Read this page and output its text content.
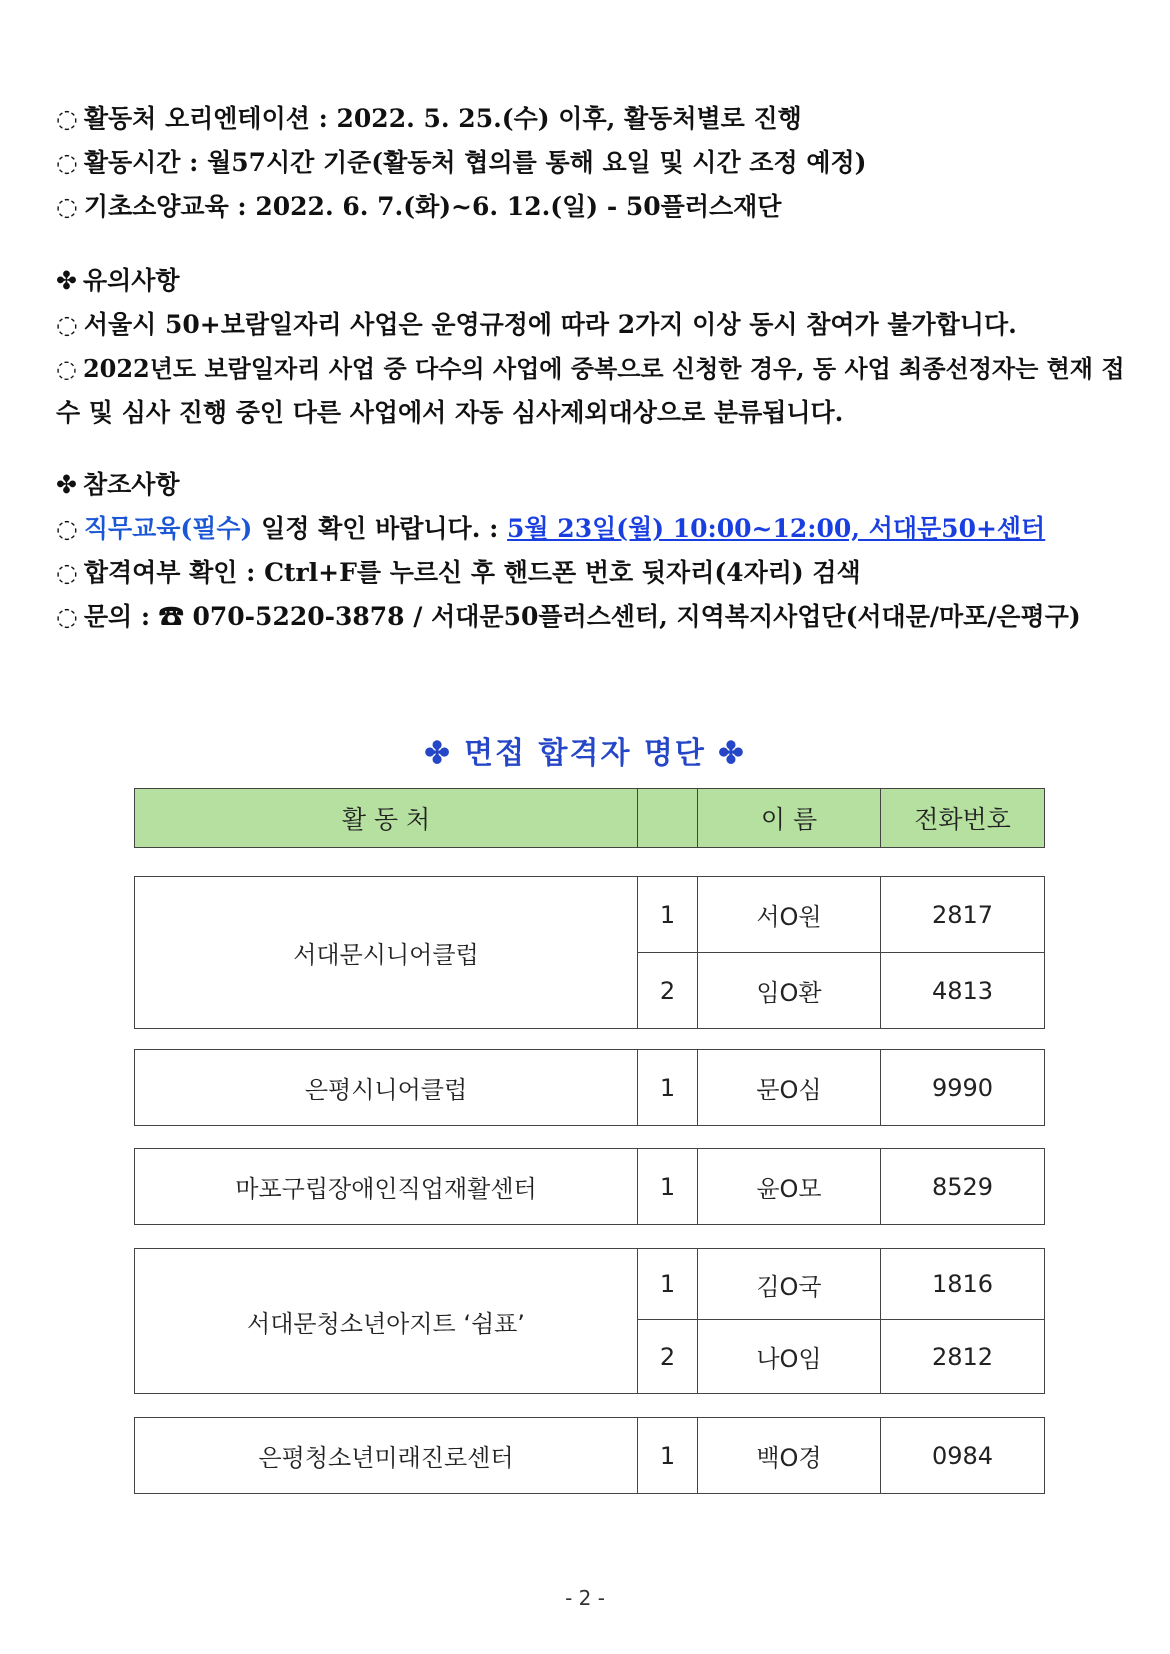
◌ 활동처 오리엔테이션 : 2022. 5. 25.(수) 이후, 활동처별로 진행
◌ 활동시간 : 월57시간 기준(활동처 협의를 통해 요일 및 시간 조정 예정)
◌ 기초소양교육 : 2022. 6. 7.(화)~6. 12.(일) - 50플러스재단
✤ 유의사항
◌ 서울시 50+보람일자리 사업은 운영규정에 따라 2가지 이상 동시 참여가 불가합니다.
◌ 2022년도 보람일자리 사업 중 다수의 사업에 중복으로 신청한 경우, 동 사업 최종선정자는 현재 접
수 및 심사 진행 중인 다른 사업에서 자동 심사제외대상으로 분류됩니다.
✤ 참조사항
◌ 직무교육(필수) 일정 확인 바랍니다. : 5월 23일(월) 10:00~12:00, 서대문50+센터
◌ 합격여부 확인 : Ctrl+F를 누르신 후 핸드폰 번호 뒷자리(4자리) 검색
◌ 문의 : ☎ 070-5220-3878 / 서대문50플러스센터, 지역복지사업단(서대문/마포/은평구)
✤ 면접 합격자 명단 ✤
활 동 처		이 름	전화번호
서대문시니어클럽	1	서O원	2817
	2	임O환	4813
은평시니어클럽	1	문O심	9990
마포구립장애인직업재활센터	1	윤O모	8529
서대문청소년아지트 ‘쉼표’	1	김O국	1816
	2	나O임	2812
은평청소년미래진로센터	1	백O경	0984
- 2 -
